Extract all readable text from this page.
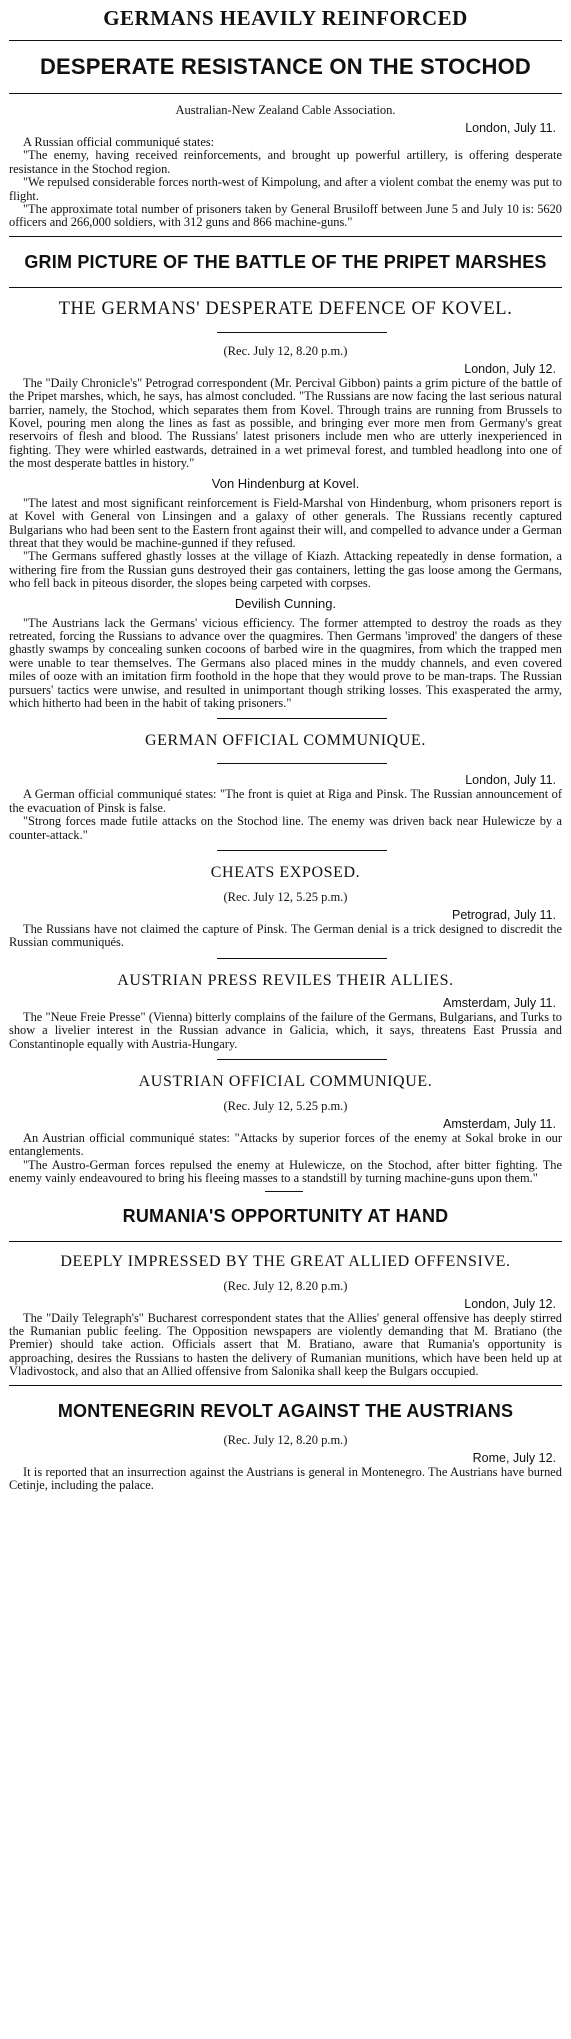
GERMANS HEAVILY REINFORCED
DESPERATE RESISTANCE ON THE STOCHOD
Australian-New Zealand Cable Association.
London, July 11.

A Russian official communiqué states:

"The enemy, having received reinforcements, and brought up powerful artillery, is offering desperate resistance in the Stochod region.

"We repulsed considerable forces north-west of Kimpolung, and after a violent combat the enemy was put to flight.

"The approximate total number of prisoners taken by General Brusiloff between June 5 and July 10 is: 5620 officers and 266,000 soldiers, with 312 guns and 866 machine-guns."

GRIM PICTURE OF THE BATTLE OF THE PRIPET MARSHES
THE GERMANS' DESPERATE DEFENCE OF KOVEL.
(Rec. July 12, 8.20 p.m.)
London, July 12.

The "Daily Chronicle's" Petrograd correspondent (Mr. Percival Gibbon) paints a grim picture of the battle of the Pripet marshes, which, he says, has almost concluded. "The Russians are now facing the last serious natural barrier, namely, the Stochod, which separates them from Kovel. Through trains are running from Brussels to Kovel, pouring men along the lines as fast as possible, and bringing ever more men from Germany's great reservoirs of flesh and blood. The Russians' latest prisoners include men who are utterly inexperienced in fighting. They were whirled eastwards, detrained in a wet primeval forest, and tumbled headlong into one of the most desperate battles in history."

Von Hindenburg at Kovel.

"The latest and most significant reinforcement is Field-Marshal von Hindenburg, whom prisoners report is at Kovel with General von Linsingen and a galaxy of other generals. The Russians recently captured Bulgarians who had been sent to the Eastern front against their will, and compelled to advance under a German threat that they would be machine-gunned if they refused.

"The Germans suffered ghastly losses at the village of Kiazh. Attacking repeatedly in dense formation, a withering fire from the Russian guns destroyed their gas containers, letting the gas loose among the Germans, who fell back in piteous disorder, the slopes being carpeted with corpses.

Devilish Cunning.

"The Austrians lack the Germans' vicious efficiency. The former attempted to destroy the roads as they retreated, forcing the Russians to advance over the quagmires. Then Germans 'improved' the dangers of these ghastly swamps by concealing sunken cocoons of barbed wire in the quagmires, from which the trapped men were unable to tear themselves. The Germans also placed mines in the muddy channels, and even covered miles of ooze with an imitation firm foothold in the hope that they would prove to be man-traps. The Russian pursuers' tactics were unwise, and resulted in unimportant though striking losses. This exasperated the army, which hitherto had been in the habit of taking prisoners."

GERMAN OFFICIAL COMMUNIQUE.
London, July 11.

A German official communiqué states: "The front is quiet at Riga and Pinsk. The Russian announcement of the evacuation of Pinsk is false.

"Strong forces made futile attacks on the Stochod line. The enemy was driven back near Hulewicze by a counter-attack."

CHEATS EXPOSED.
(Rec. July 12, 5.25 p.m.)
Petrograd, July 11.

The Russians have not claimed the capture of Pinsk. The German denial is a trick designed to discredit the Russian communiqués.

AUSTRIAN PRESS REVILES THEIR ALLIES.
Amsterdam, July 11.

The "Neue Freie Presse" (Vienna) bitterly complains of the failure of the Germans, Bulgarians, and Turks to show a livelier interest in the Russian advance in Galicia, which, it says, threatens East Prussia and Constantinople equally with Austria-Hungary.

AUSTRIAN OFFICIAL COMMUNIQUE.
(Rec. July 12, 5.25 p.m.)
Amsterdam, July 11.

An Austrian official communiqué states: "Attacks by superior forces of the enemy at Sokal broke in our entanglements.

"The Austro-German forces repulsed the enemy at Hulewicze, on the Stochod, after bitter fighting. The enemy vainly endeavoured to bring his fleeing masses to a standstill by turning machine-guns upon them."

RUMANIA'S OPPORTUNITY AT HAND
DEEPLY IMPRESSED BY THE GREAT ALLIED OFFENSIVE.
(Rec. July 12, 8.20 p.m.)
London, July 12.

The "Daily Telegraph's" Bucharest correspondent states that the Allies' general offensive has deeply stirred the Rumanian public feeling. The Opposition newspapers are violently demanding that M. Bratiano (the Premier) should take action. Officials assert that M. Bratiano, aware that Rumania's opportunity is approaching, desires the Russians to hasten the delivery of Rumanian munitions, which have been held up at Vladivostock, and also that an Allied offensive from Salonika shall keep the Bulgars occupied.

MONTENEGRIN REVOLT AGAINST THE AUSTRIANS
(Rec. July 12, 8.20 p.m.)
Rome, July 12.

It is reported that an insurrection against the Austrians is general in Montenegro. The Austrians have burned Cetinje, including the palace.
